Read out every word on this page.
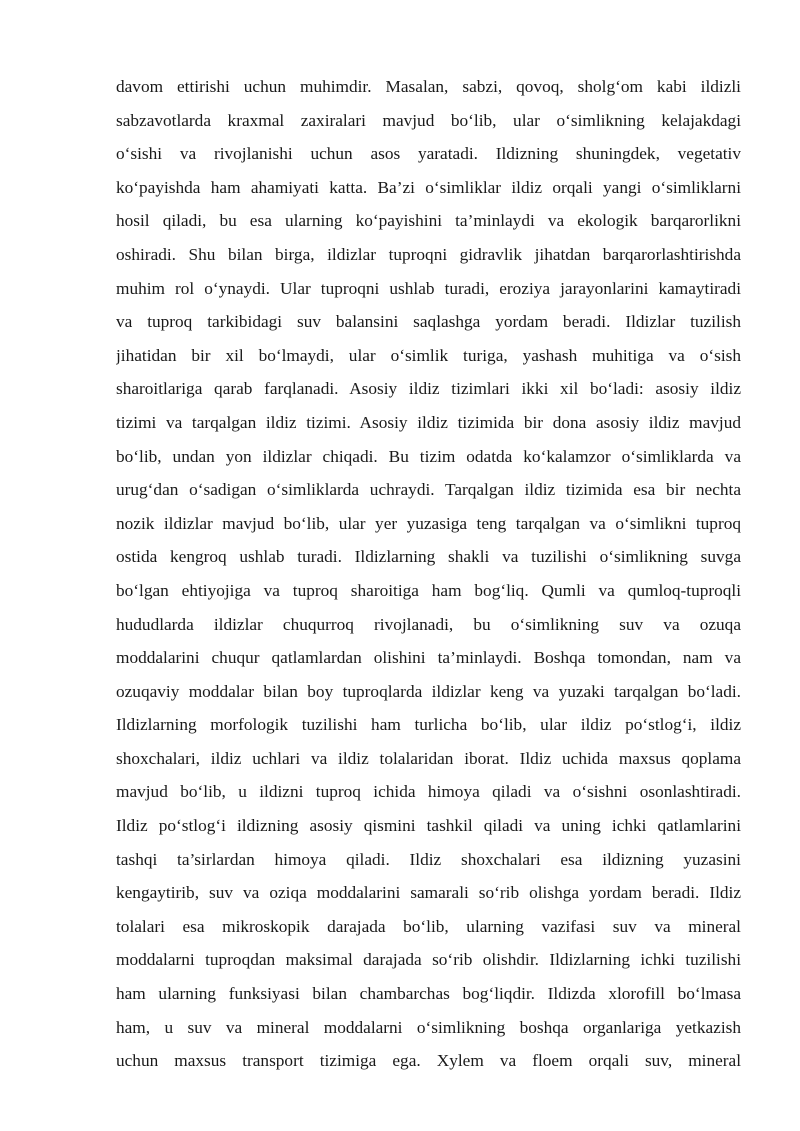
davom ettirishi uchun muhimdir. Masalan, sabzi, qovoq, sholg‘om kabi ildizli
sabzavotlarda kraxmal zaxiralari mavjud bo‘lib, ular o‘simlikning kelajakdagi
o‘sishi va rivojlanishi uchun asos yaratadi. Ildizning shuningdek, vegetativ
ko‘payishda ham ahamiyati katta. Ba’zi o‘simliklar ildiz orqali yangi o‘simliklarni
hosil qiladi, bu esa ularning ko‘payishini ta’minlaydi va ekologik barqarorlikni
oshiradi. Shu bilan birga, ildizlar tuproqni gidravlik jihatdan barqarorlashtirishda
muhim rol o‘ynaydi. Ular tuproqni ushlab turadi, eroziya jarayonlarini kamaytiradi
va tuproq tarkibidagi suv balansini saqlashga yordam beradi. Ildizlar tuzilish
jihatidan bir xil bo‘lmaydi, ular o‘simlik turiga, yashash muhitiga va o‘sish
sharoitlariga qarab farqlanadi. Asosiy ildiz tizimlari ikki xil bo‘ladi: asosiy ildiz
tizimi va tarqalgan ildiz tizimi. Asosiy ildiz tizimida bir dona asosiy ildiz mavjud
bo‘lib, undan yon ildizlar chiqadi. Bu tizim odatda ko‘kalamzor o‘simliklarda va
urug‘dan o‘sadigan o‘simliklarda uchraydi. Tarqalgan ildiz tizimida esa bir nechta
nozik ildizlar mavjud bo‘lib, ular yer yuzasiga teng tarqalgan va o‘simlikni tuproq
ostida kengroq ushlab turadi. Ildizlarning shakli va tuzilishi o‘simlikning suvga
bo‘lgan ehtiyojiga va tuproq sharoitiga ham bog‘liq. Qumli va qumloq-tuproqli
hududlarda ildizlar chuqurroq rivojlanadi, bu o‘simlikning suv va ozuqa
moddalarini chuqur qatlamlardan olishini ta’minlaydi. Boshqa tomondan, nam va
ozuqaviy moddalar bilan boy tuproqlarda ildizlar keng va yuzaki tarqalgan bo‘ladi.
Ildizlarning morfologik tuzilishi ham turlicha bo‘lib, ular ildiz po‘stlog‘i, ildiz
shoxchalari, ildiz uchlari va ildiz tolalaridan iborat. Ildiz uchida maxsus qoplama
mavjud bo‘lib, u ildizni tuproq ichida himoya qiladi va o‘sishni osonlashtiradi.
Ildiz po‘stlog‘i ildizning asosiy qismini tashkil qiladi va uning ichki qatlamlarini
tashqi ta’sirlardan himoya qiladi. Ildiz shoxchalari esa ildizning yuzasini
kengaytirib, suv va oziqa moddalarini samarali so‘rib olishga yordam beradi. Ildiz
tolalari esa mikroskopik darajada bo‘lib, ularning vazifasi suv va mineral
moddalarni tuproqdan maksimal darajada so‘rib olishdir. Ildizlarning ichki tuzilishi
ham ularning funksiyasi bilan chambarchas bog‘liqdir. Ildizda xlorofill bo‘lmasa
ham, u suv va mineral moddalarni o‘simlikning boshqa organlariga yetkazish
uchun maxsus transport tizimiga ega. Xylem va floem orqali suv, mineral
